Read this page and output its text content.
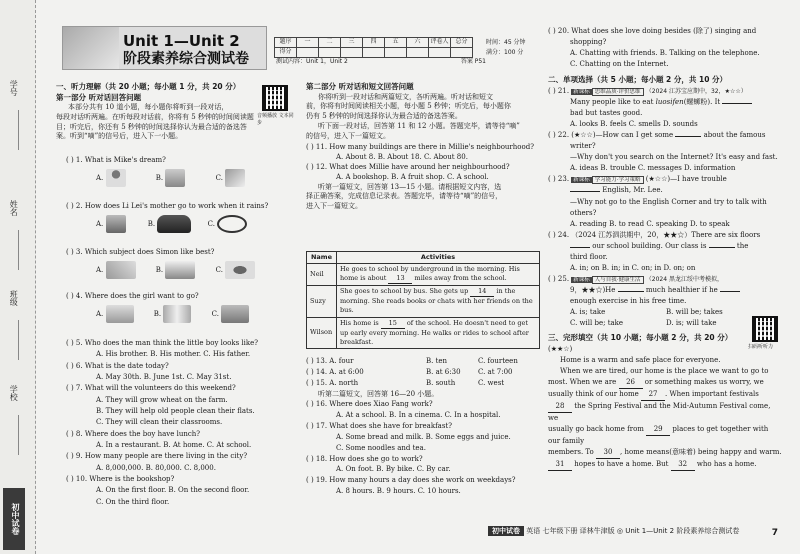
学号
姓名
班级
学校
初中试卷
Unit 1—Unit 2
阶段素养综合测试卷
题序	一	二	三	四	五	六	评卷人	总分
得分								
时间：45 分钟
满分：100 分
测试内容：Unit 1，Unit 2	答案 P51
一、听力理解（共 20 小题；每小题 1 分，共 20 分）
第一部分 听对话回答问题
本部分共有 10 道小题，每小题你将听到一段对话，
每段对话听两遍。在听每段对话前，你将有 5 秒钟的时间阅读题
目；听完后，你还有 5 秒钟的时间选择你认为最合适的备选答
案。听到“嘀”的信号后，进入下一小题。
音频播放 文本同步
( ) 1. What is Mike's dream?
A.	B.	C.
( ) 2. How does Li Lei's mother go to work when it rains?
A.	B.	C.
( ) 3. Which subject does Simon like best?
A.	B.	C.
( ) 4. Where does the girl want to go?
A.	B.	C.
( ) 5. Who does the man think the little boy looks like?
A. His brother. B. His mother. C. His father.
( ) 6. What is the date today?
A. May 30th. B. June 1st. C. May 31st.
( ) 7. What will the volunteers do this weekend?
A. They will grow wheat on the farm.
B. They will help old people clean their flats.
C. They will clean their classrooms.
( ) 8. Where does the boy have lunch?
A. In a restaurant. B. At home. C. At school.
( ) 9. How many people are there living in the city?
A. 8,000,000. B. 80,000. C. 8,000.
( ) 10. Where is the bookshop?
A. On the first floor. B. On the second floor.
C. On the third floor.
第二部分 听对话和短文回答问题
你将听到一段对话和两篇短文，各听两遍。听对话和短文
前，你将有时间阅读相关小题，每小题 5 秒钟；听完后，每小题你
仍有 5 秒钟的时间选择你认为最合适的备选答案。
听下面一段对话，回答第 11 和 12 小题。答题完毕，请等待“嘀”
的信号，进入下一篇短文。
( ) 11. How many buildings are there in Millie's neighbourhood?
A. About 8. B. About 18. C. About 80.
( ) 12. What does Millie have around her neighbourhood?
A. A bookshop. B. A fruit shop. C. A school.
听第一篇短文，回答第 13—15 小题。请根据短文内容，选
择正确答案，完成信息记录表。答题完毕，请等待“嘀”的信号，
进入下一篇短文。
Name	Activities
Neil	He goes to school by underground in the morning. His home is about 13 miles away from the school.
Suzy	She goes to school by bus. She gets up 14 in the morning. She reads books or chats with her friends on the bus.
Wilson	His home is 15 of the school. He doesn't need to get up early every morning. He walks or rides to school after breakfast.
( ) 13. A. four	B. ten	C. fourteen
( ) 14. A. at 6:00	B. at 6:30 C. at 7:00
( ) 15. A. north	B. south	C. west
听第二篇短文，回答第 16—20 小题。
( ) 16. Where does Xiao Fang work?
A. At a school. B. In a cinema. C. In a hospital.
( ) 17. What does she have for breakfast?
A. Some bread and milk. B. Some eggs and juice.
C. Some noodles and tea.
( ) 18. How does she go to work?
A. On foot. B. By bike. C. By car.
( ) 19. How many hours a day does she work on weekdays?
A. 8 hours. B. 9 hours. C. 10 hours.
( ) 20. What does she love doing besides (除了) singing and
shopping?
A. Chatting with friends. B. Talking on the telephone.
C. Chatting on the Internet.
二、单项选择（共 5 小题；每小题 2 分，共 10 分）
( ) 21. 新课标 思维品质·评价思维 （2024 江苏宝应期中，32，★☆☆）
Many people like to eat luosifen(螺蛳粉). It
bad but tastes good.
A. looks B. feels C. smells D. sounds
( ) 22. (★☆☆)—How can I get some	about the famous
writer?
—Why don't you search on the Internet? It's easy and fast.
A. ideas B. trouble C. messages D. information
( ) 23. 新课标 学习能力·学习策略 (★☆☆)—I have trouble
English, Mr. Lee.
—Why not go to the English Corner and try to talk with
others?
A. reading B. to read C. speaking D. to speak
( ) 24. （2024 江苏泗洪期中，20，★★☆）There are six floors
our school building. Our class is	the
third floor.
A. in; on B. in; in C. on; in D. on; on
( ) 25. 新课标 人与自我·健康生活 （2024 黑龙江绥中考模拟，
9，★★☆)He	much healthier if he
enough exercise in his free time.
A. is; take	B. will be; takes
C. will be; take	D. is; will take
三、完形填空（共 10 小题；每小题 2 分，共 20 分）
(★★☆)
Home is a warm and safe place for everyone.
When we are tired, our home is the place we want to go to
most. When we are 26 or something makes us worry, we
usually think of our home 27 . When important festivals
28 the Spring Festival and the Mid-Autumn Festival come, we
usually go back home from 29 places to get together with our family
members. To 30 , home means(意味着) being happy and warm.
31 hopes to have a home. But 32 who has a home.
扫码听听力
初中试卷 英语 七年级下册 译林牛津版 ◎ Unit 1—Unit 2 阶段素养综合测试卷	7
